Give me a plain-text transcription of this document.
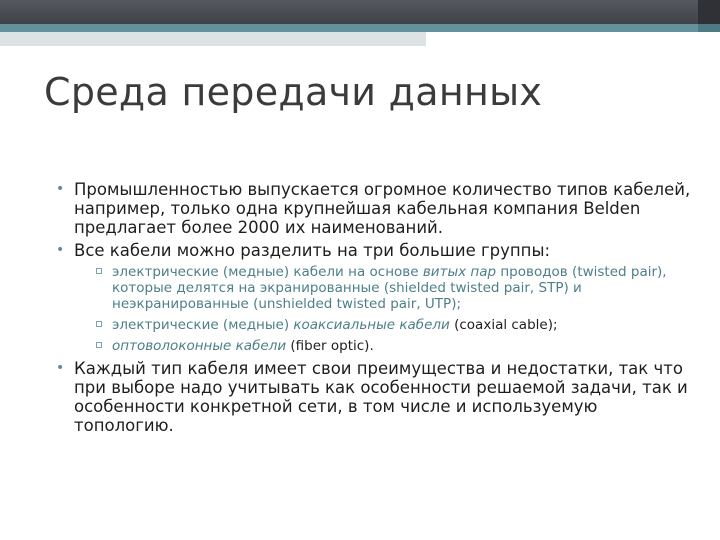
Среда передачи данных
• Промышленностью выпускается огромное количество типов кабелей, например, только одна крупнейшая кабельная компания Belden предлагает более 2000 их наименований.
• Все кабели можно разделить на три большие группы:
электрические (медные) кабели на основе витых пар проводов (twisted pair), которые делятся на экранированные (shielded twisted pair, STP) и неэкранированные (unshielded twisted pair, UTP);
электрические (медные) коаксиальные кабели (coaxial cable);
оптоволоконные кабели (fiber optic).
• Каждый тип кабеля имеет свои преимущества и недостатки, так что при выборе надо учитывать как особенности решаемой задачи, так и особенности конкретной сети, в том числе и используемую топологию.
